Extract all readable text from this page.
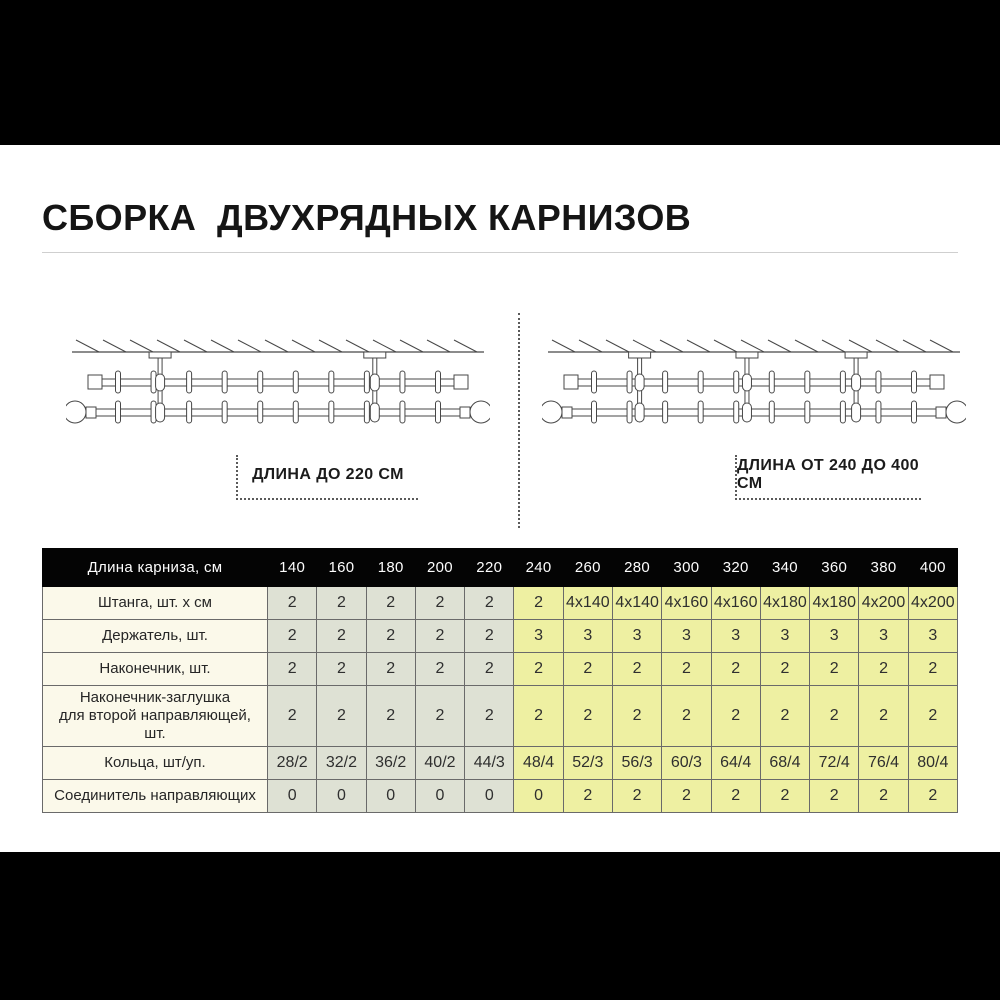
СБОРКА  ДВУХРЯДНЫХ КАРНИЗОВ
ДЛИНА ДО 220 СМ
ДЛИНА ОТ 240 ДО 400 СМ
Длина карниза, см	140	160	180	200	220	240	260	280	300	320	340	360	380	400
Штанга, шт. х см	2	2	2	2	2	2	4x140	4x140	4x160	4x160	4x180	4x180	4x200	4x200
Держатель, шт.	2	2	2	2	2	3	3	3	3	3	3	3	3	3
Наконечник, шт.	2	2	2	2	2	2	2	2	2	2	2	2	2	2
Наконечник-заглушка
для второй направляющей, шт.	2	2	2	2	2	2	2	2	2	2	2	2	2	2
Кольца, шт/уп.	28/2	32/2	36/2	40/2	44/3	48/4	52/3	56/3	60/3	64/4	68/4	72/4	76/4	80/4
Соединитель направляющих	0	0	0	0	0	0	2	2	2	2	2	2	2	2
